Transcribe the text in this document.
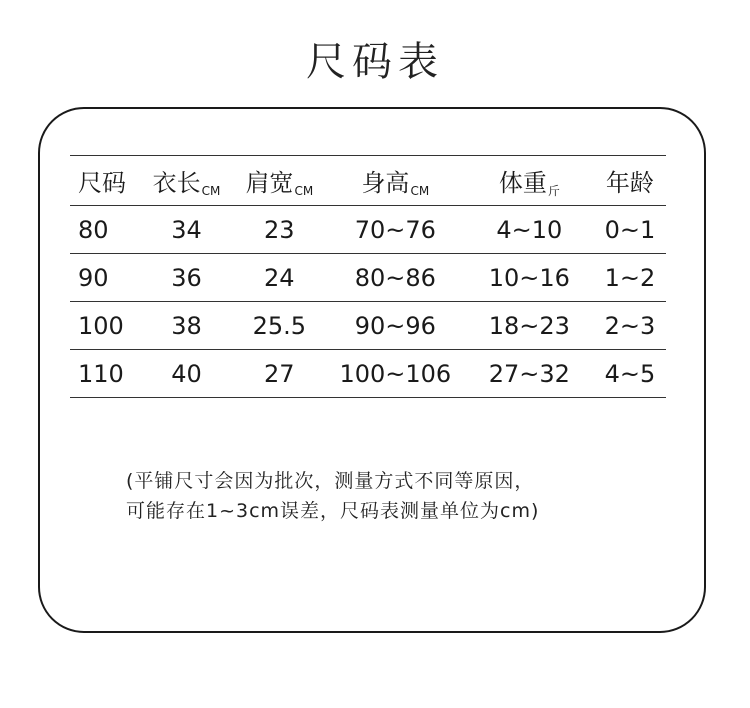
尺码表
尺码	衣长CM	肩宽CM	身高CM	体重斤	年龄
80	34	23	70~76	4~10	0~1
90	36	24	80~86	10~16	1~2
100	38	25.5	90~96	18~23	2~3
110	40	27	100~106	27~32	4~5
(平铺尺寸会因为批次，测量方式不同等原因，
可能存在1~3cm误差，尺码表测量单位为cm)
